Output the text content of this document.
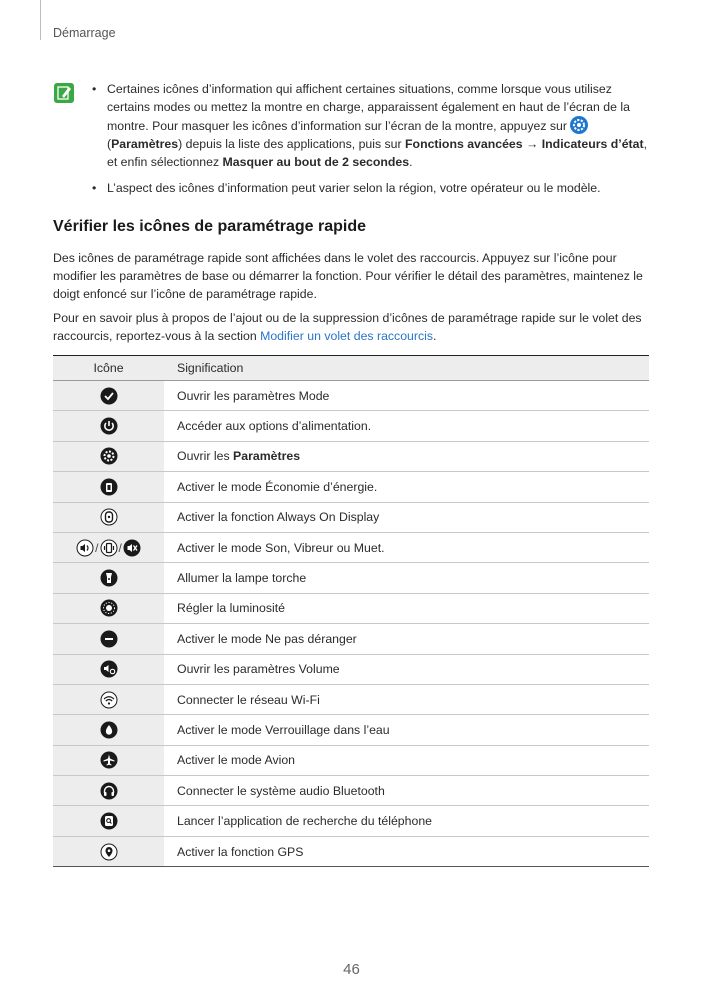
Démarrage
• Certaines icônes d’information qui affichent certaines situations, comme lorsque vous utilisez certains modes ou mettez la montre en charge, apparaissent également en haut de l’écran de la montre. Pour masquer les icônes d’information sur l’écran de la montre, appuyez sur  (Paramètres) depuis la liste des applications, puis sur Fonctions avancées → Indicateurs d’état, et enfin sélectionnez Masquer au bout de 2 secondes.
• L’aspect des icônes d’information peut varier selon la région, votre opérateur ou le modèle.
Vérifier les icônes de paramétrage rapide

Des icônes de paramétrage rapide sont affichées dans le volet des raccourcis. Appuyez sur l’icône pour modifier les paramètres de base ou démarrer la fonction. Pour vérifier le détail des paramètres, maintenez le doigt enfoncé sur l’icône de paramétrage rapide.

Pour en savoir plus à propos de l’ajout ou de la suppression d’icônes de paramétrage rapide sur le volet des raccourcis, reportez-vous à la section Modifier un volet des raccourcis.

Icône	Signification
	Ouvrir les paramètres Mode
	Accéder aux options d’alimentation.
	Ouvrir les Paramètres
	Activer le mode Économie d’énergie.
	Activer la fonction Always On Display
/ /	Activer le mode Son, Vibreur ou Muet.
	Allumer la lampe torche
	Régler la luminosité
	Activer le mode Ne pas déranger
	Ouvrir les paramètres Volume
	Connecter le réseau Wi-Fi
	Activer le mode Verrouillage dans l’eau
	Activer le mode Avion
	Connecter le système audio Bluetooth
	Lancer l’application de recherche du téléphone
	Activer la fonction GPS
46
